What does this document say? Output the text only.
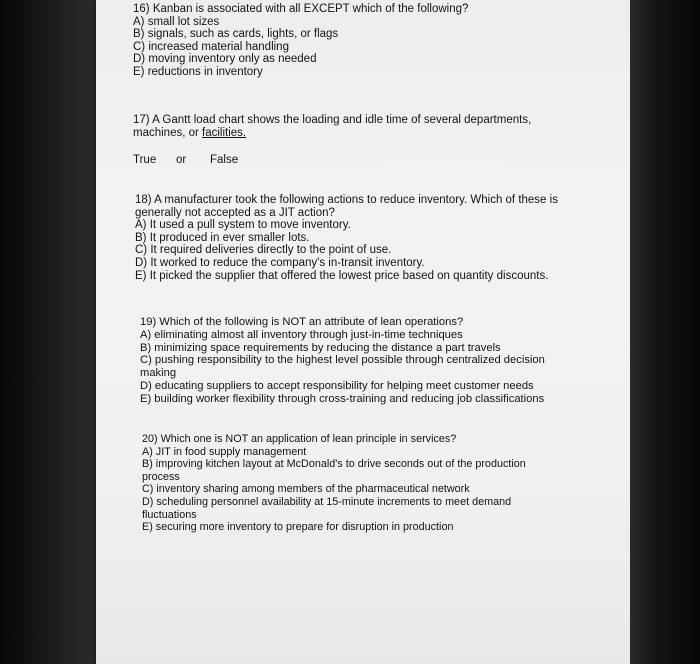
16) Kanban is associated with all EXCEPT which of the following?
A) small lot sizes
B) signals, such as cards, lights, or flags
C) increased material handling
D) moving inventory only as needed
E) reductions in inventory
17) A Gantt load chart shows the loading and idle time of several departments,
machines, or facilities.
True or False
18) A manufacturer took the following actions to reduce inventory. Which of these is
generally not accepted as a JIT action?
A) It used a pull system to move inventory.
B) It produced in ever smaller lots.
C) It required deliveries directly to the point of use.
D) It worked to reduce the company's in-transit inventory.
E) It picked the supplier that offered the lowest price based on quantity discounts.
19) Which of the following is NOT an attribute of lean operations?
A) eliminating almost all inventory through just-in-time techniques
B) minimizing space requirements by reducing the distance a part travels
C) pushing responsibility to the highest level possible through centralized decision
making
D) educating suppliers to accept responsibility for helping meet customer needs
E) building worker flexibility through cross-training and reducing job classifications
20) Which one is NOT an application of lean principle in services?
A) JIT in food supply management
B) improving kitchen layout at McDonald's to drive seconds out of the production
process
C) inventory sharing among members of the pharmaceutical network
D) scheduling personnel availability at 15-minute increments to meet demand
fluctuations
E) securing more inventory to prepare for disruption in production
